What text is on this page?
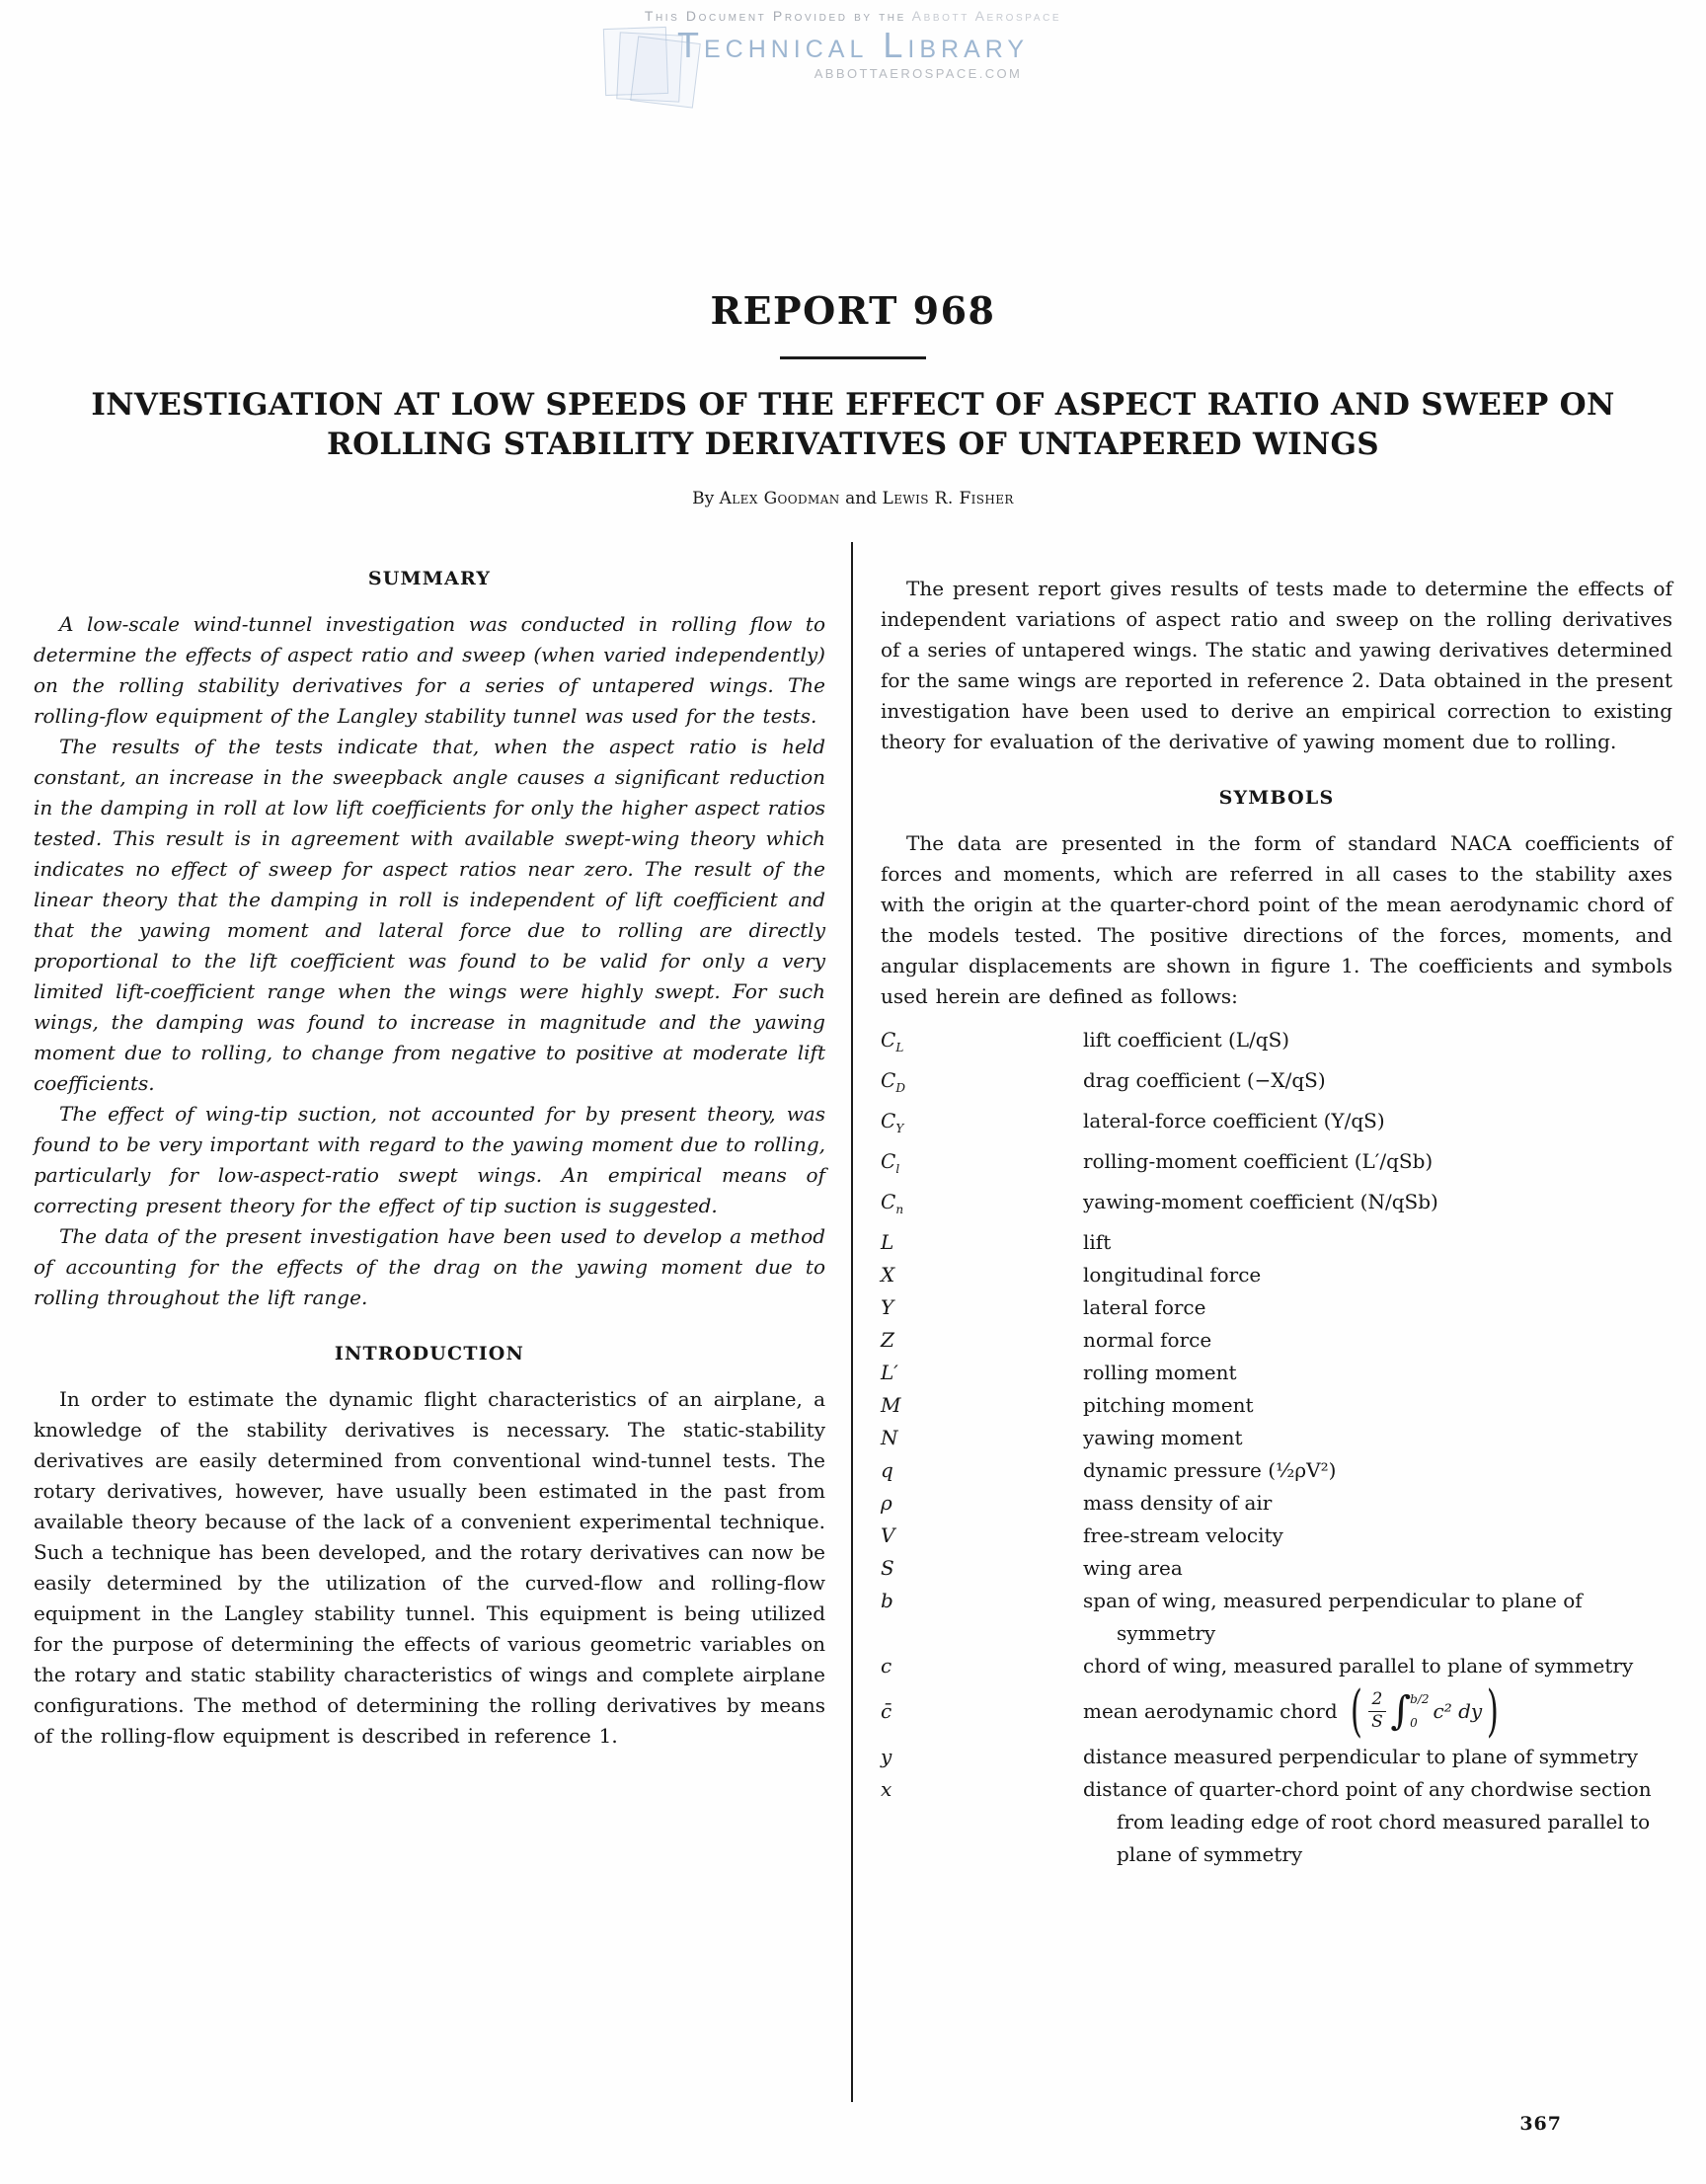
This Document Provided by the Abbott Aerospace
Technical Library
ABBOTTAEROSPACE.COM
REPORT 968
INVESTIGATION AT LOW SPEEDS OF THE EFFECT OF ASPECT RATIO AND SWEEP ON
ROLLING STABILITY DERIVATIVES OF UNTAPERED WINGS
By Alex Goodman and Lewis R. Fisher
SUMMARY

A low-scale wind-tunnel investigation was conducted in rolling flow to determine the effects of aspect ratio and sweep (when varied independently) on the rolling stability derivatives for a series of untapered wings. The rolling-flow equipment of the Langley stability tunnel was used for the tests.

The results of the tests indicate that, when the aspect ratio is held constant, an increase in the sweepback angle causes a significant reduction in the damping in roll at low lift coefficients for only the higher aspect ratios tested. This result is in agreement with available swept-wing theory which indicates no effect of sweep for aspect ratios near zero. The result of the linear theory that the damping in roll is independent of lift coefficient and that the yawing moment and lateral force due to rolling are directly proportional to the lift coefficient was found to be valid for only a very limited lift-coefficient range when the wings were highly swept. For such wings, the damping was found to increase in magnitude and the yawing moment due to rolling, to change from negative to positive at moderate lift coefficients.

The effect of wing-tip suction, not accounted for by present theory, was found to be very important with regard to the yawing moment due to rolling, particularly for low-aspect-ratio swept wings. An empirical means of correcting present theory for the effect of tip suction is suggested.

The data of the present investigation have been used to develop a method of accounting for the effects of the drag on the yawing moment due to rolling throughout the lift range.

INTRODUCTION

In order to estimate the dynamic flight characteristics of an airplane, a knowledge of the stability derivatives is necessary. The static-stability derivatives are easily determined from conventional wind-tunnel tests. The rotary derivatives, however, have usually been estimated in the past from available theory because of the lack of a convenient experimental technique. Such a technique has been developed, and the rotary derivatives can now be easily determined by the utilization of the curved-flow and rolling-flow equipment in the Langley stability tunnel. This equipment is being utilized for the purpose of determining the effects of various geometric variables on the rotary and static stability characteristics of wings and complete airplane configurations. The method of determining the rolling derivatives by means of the rolling-flow equipment is described in reference 1.

The present report gives results of tests made to determine the effects of independent variations of aspect ratio and sweep on the rolling derivatives of a series of untapered wings. The static and yawing derivatives determined for the same wings are reported in reference 2. Data obtained in the present investigation have been used to derive an empirical correction to existing theory for evaluation of the derivative of yawing moment due to rolling.

SYMBOLS

The data are presented in the form of standard NACA coefficients of forces and moments, which are referred in all cases to the stability axes with the origin at the quarter-chord point of the mean aerodynamic chord of the models tested. The positive directions of the forces, moments, and angular displacements are shown in figure 1. The coefficients and symbols used herein are defined as follows:

$C_L$	lift coefficient (L/qS)
$C_D$	drag coefficient (−X/qS)
$C_Y$	lateral-force coefficient (Y/qS)
$C_l$	rolling-moment coefficient (L′/qSb)
$C_n$	yawing-moment coefficient (N/qSb)
L	lift
X	longitudinal force
Y	lateral force
Z	normal force
L′	rolling moment
M	pitching moment
N	yawing moment
q	dynamic pressure (½ρV²)
ρ	mass density of air
V	free-stream velocity
S	wing area
b	span of wing, measured perpendicular to plane of symmetry
c	chord of wing, measured parallel to plane of symmetry
c̄	mean aerodynamic chord ( $\frac{2}{S}$ ∫ b/2
0 c² dy )
y	distance measured perpendicular to plane of symmetry
x	distance of quarter-chord point of any chordwise section from leading edge of root chord measured parallel to plane of symmetry
367
